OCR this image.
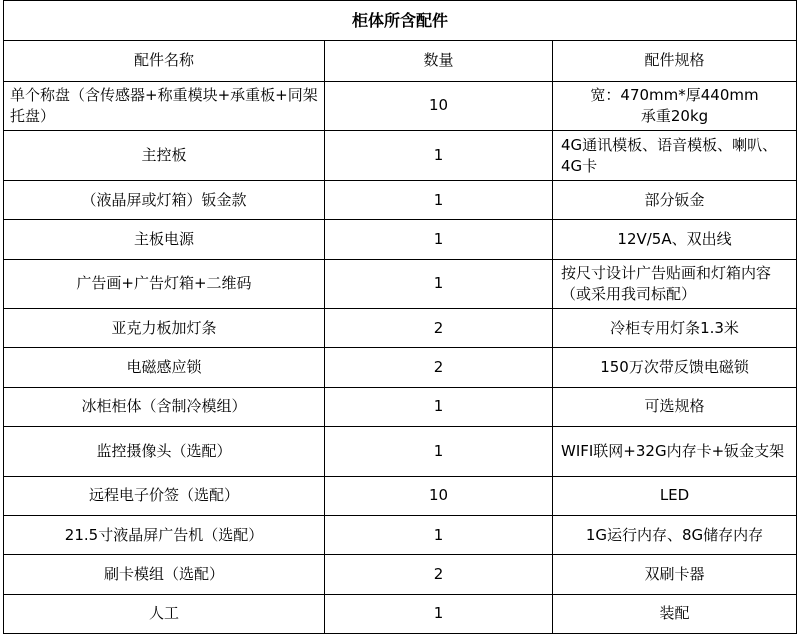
柜体所含配件		
配件名称	数量	配件规格
单个称盘（含传感器+称重模块+承重板+同架托盘）	10	宽：470mm*厚440mm
承重20kg
主控板	1	4G通讯模板、语音模板、喇叭、4G卡
（液晶屏或灯箱）钣金款	1	部分钣金
主板电源	1	12V/5A、双出线
广告画+广告灯箱+二维码	1	按尺寸设计广告贴画和灯箱内容（或采用我司标配）
亚克力板加灯条	2	冷柜专用灯条1.3米
电磁感应锁	2	150万次带反馈电磁锁
冰柜柜体（含制冷模组）	1	可选规格
监控摄像头（选配）	1	WIFI联网+32G内存卡+钣金支架
远程电子价签（选配）	10	LED
21.5寸液晶屏广告机（选配）	1	1G运行内存、8G储存内存
刷卡模组（选配）	2	双刷卡器
人工	1	装配
